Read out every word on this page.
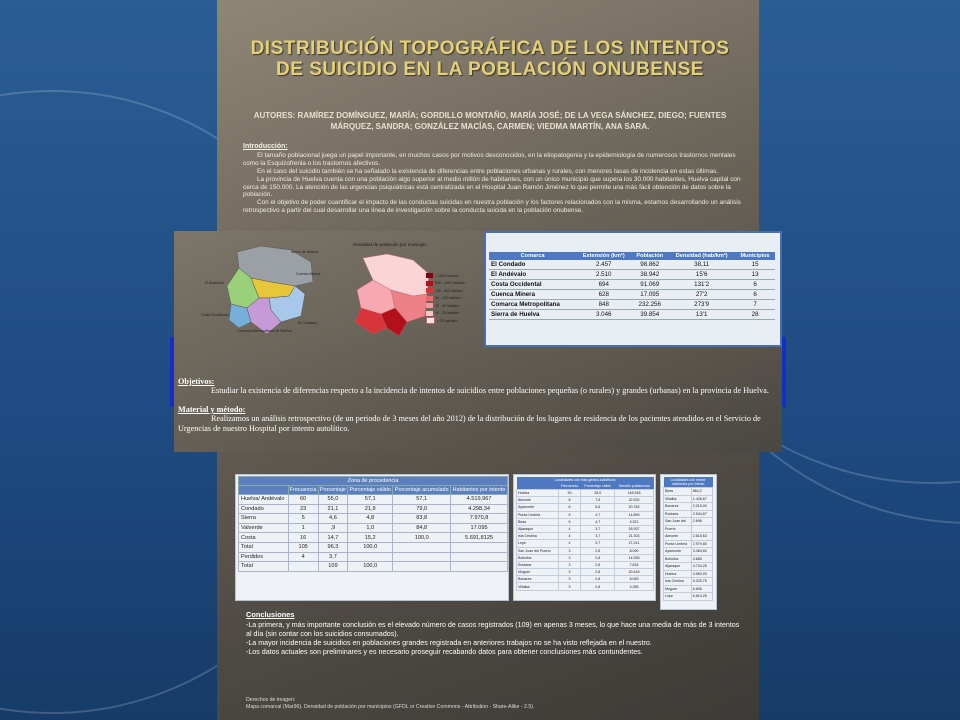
DISTRIBUCIÓN TOPOGRÁFICA DE LOS INTENTOS DE SUICIDIO EN LA POBLACIÓN ONUBENSE
AUTORES: RAMÍREZ DOMÍNGUEZ, MARÍA; GORDILLO MONTAÑO, MARÍA JOSÉ; DE LA VEGA SÁNCHEZ, DIEGO; FUENTES MÁRQUEZ, SANDRA; GONZÁLEZ MACÍAS, CARMEN; VIEDMA MARTÍN, ANA SARA.
Introducción:

El tamaño poblacional juega un papel importante, en muchos casos por motivos desconocidos, en la etiopatogenia y la epidemiología de numerosos trastornos mentales como la Esquizofrenia o los trastornos afectivos.

En el caso del suicidio también se ha señalado la existencia de diferencias entre poblaciones urbanas y rurales, con menores tasas de incidencia en estas últimas.

La provincia de Huelva cuenta con una población algo superior al medio millón de habitantes, con un único municipio que supera los 30.000 habitantes, Huelva capital con cerca de 150.000. La atención de las urgencias psiquiátricas está centralizada en el Hospital Juan Ramón Jiménez lo que permite una más fácil obtención de datos sobre la población.

Con el objetivo de poder cuantificar el impacto de las conductas suicidas en nuestra población y los factores relacionados con la misma, estamos desarrollando un análisis retrospectivo a partir del cual desarrollar una línea de investigación sobre la conducta suicida en la población onubense.

Sierra de Huelva
Cuenca Minera
El Andévalo
Costa Occidental
El Condado
Comarca Metropolitana de Huelva
Densidad de población por municipio
> 1000 hab/km²
500 - 1000 hab/km²
100 - 500 hab/km²
50 - 100 hab/km²
25 - 50 hab/km²
10 - 25 hab/km²
< 10 hab/km²
Comarca	Extensión (km²)	Población	Densidad (hab/km²)	Municipios
El Condado	2.457	98.862	38,11	15
El Andévalo	2.510	38.942	15'6	13
Costa Occidental	694	91.069	131'2	6
Cuenca Minera	628	17.095	27'2	6
Comarca Metropolitana	848	232.256	273'9	7
Sierra de Huelva	3.046	39.854	13'1	28
Objetivos:

Estudiar la existencia de diferencias respecto a la incidencia de intentos de suicidios entre poblaciones pequeñas (o rurales) y grandes (urbanas) en la provincia de Huelva.

Material y método:

Realizamos un análisis retrospectivo (de un periodo de 3 meses del año 2012) de la distribución de los lugares de residencia de los pacientes atendidos en el Servicio de Urgencias de nuestro Hospital por intento autolítico.

Zona de procedencia					
	Frecuencia	Porcentaje	Porcentaje válido	Porcentaje acumulado	Habitantes por intento
Huelva/ Andévalo	60	55,0	57,1	57,1	4.519,967
Condado	23	21,1	21,9	79,0	4.298,34
Sierra	5	4,6	4,8	83,8	7.970,8
Valverde	1	,9	1,0	84,8	17.095
Costa	16	14,7	15,2	100,0	5.691,8125
Total	105	96,3	100,0		
Perdidos	4	3,7			
Total		109	100,0		
Localidades con más gestos autolíticos			
	Frecuencia	Porcentaje válido	Tamaño poblacional
Huelva	30	28,0	148.918
Almonte	8	7,5	22.525
Ayamonte	6	5,6	20.783
Punta Umbría	5	4,7	14.899
Beas	5	4,7	4.321
Aljaraque	4	3,7	18.937
Isla Cristina	4	3,7	21.303
Lepe	4	3,7	27.241
San Juan del Puerto	3	2,8	8.090
Bollullos	3	2,8	14.055
Rociana	3	2,8	7.634
Moguer	3	2,8	20.418
Bonares	3	2,8	6.045
Villalba	3	2,8	4.285
Localidades con menor habitantes por intento	
Beas	864,2
Villalba	1.428,67
Bonares	2.015,00
Rociana	2.544,67
San Juan del	2.696
Puerto	
Almonte	2.815,63
Punta Umbría	2.979,80
Ayamonte	3.463,83
Bollullos	4.685
Aljaraque	4.734,25
Huelva	4.963,93
Isla Cristina	5.325,75
Moguer	6.806
Lepe	6.810,25
Conclusiones

-La primera, y más importante conclusión es el elevado número de casos registrados (109) en apenas 3 meses, lo que hace una media de más de 3 intentos al día (sin contar con los suicidios consumados).

-La mayor incidencia de suicidios en poblaciones grandes registrada en anteriores trabajos no se ha visto reflejada en el nuestro.

-Los datos actuales son preliminares y es necesario proseguir recabando datos para obtener conclusiones más contundentes.

Derechos de imagen:
Mapa comarcal (Mar96). Densidad de población por municipios (GFDL or Creative Commons - Attribution - Share-Alike - 2.5).
